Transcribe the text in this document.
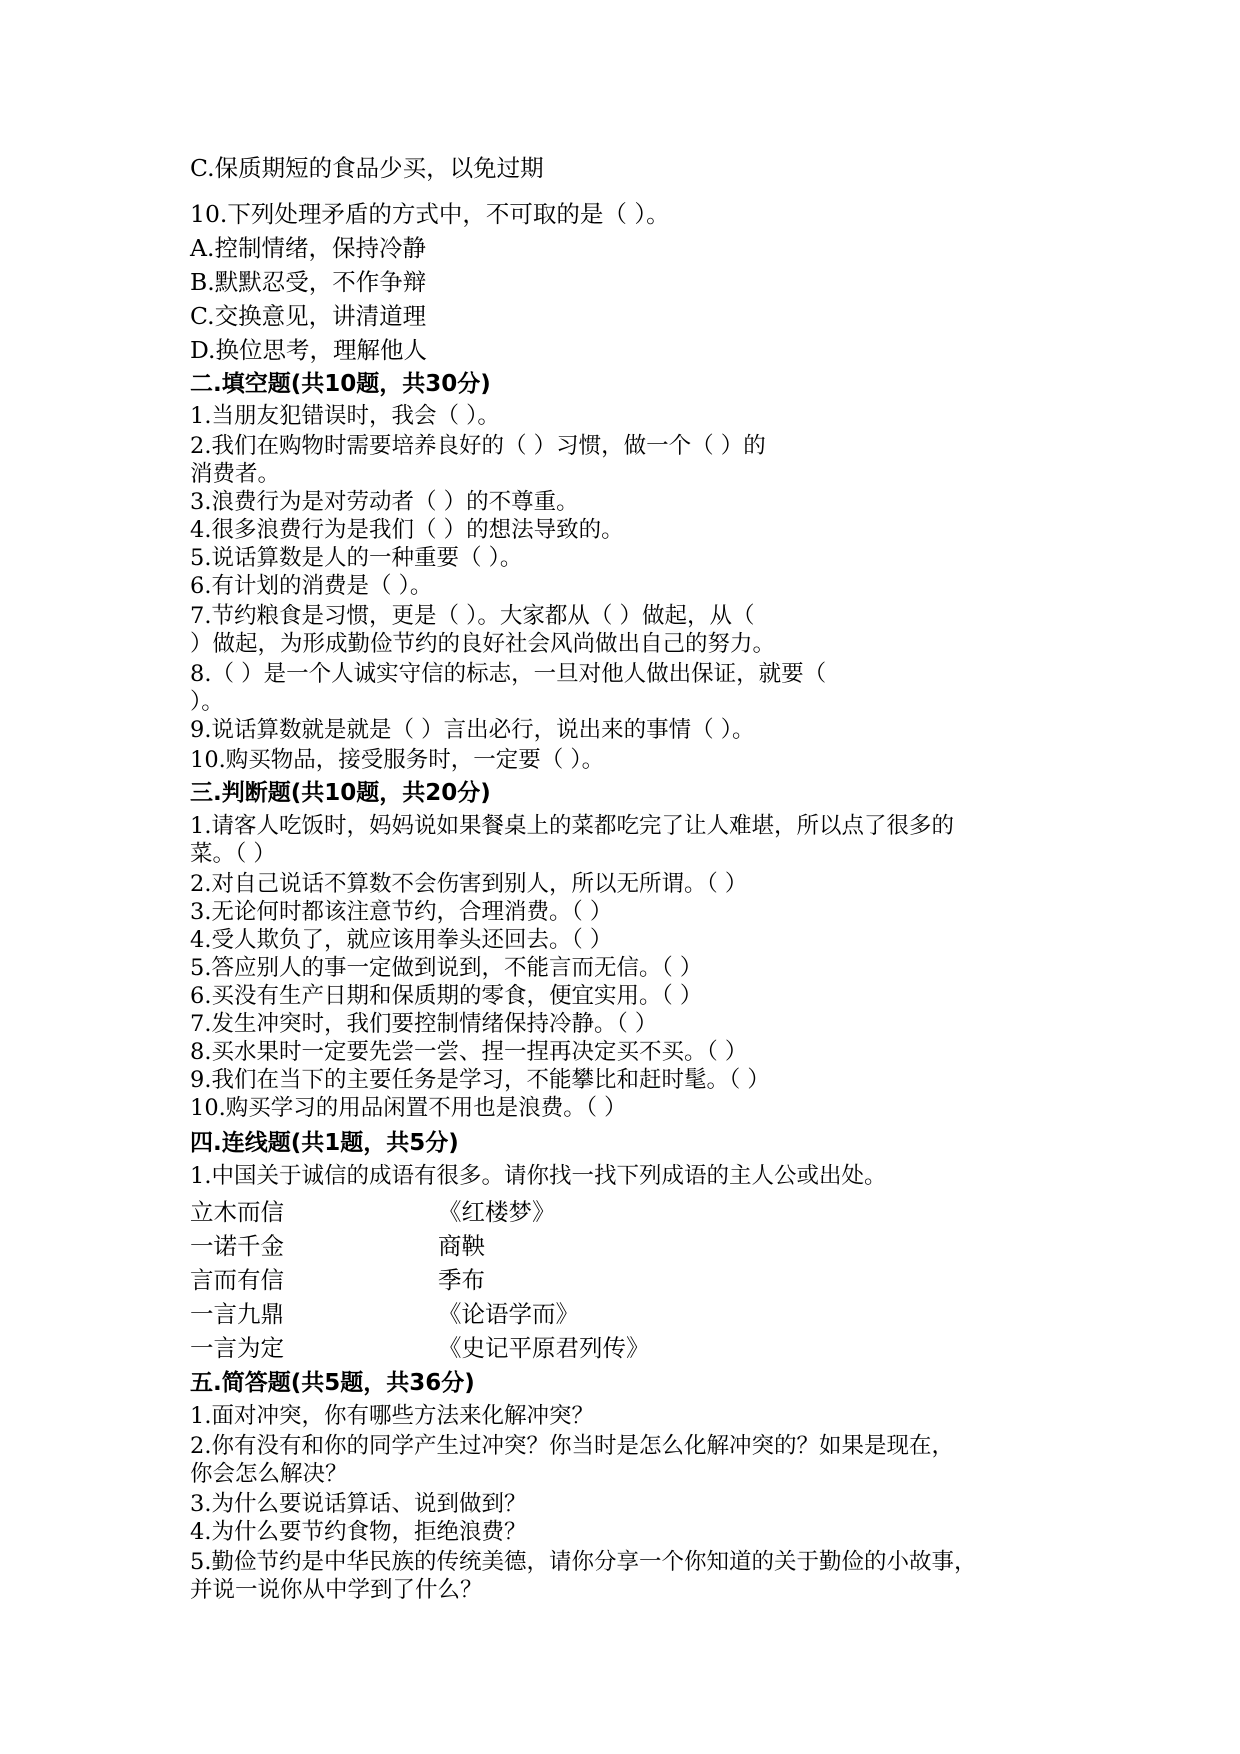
C.保质期短的食品少买，以免过期
10.下列处理矛盾的方式中，不可取的是（ ）。
A.控制情绪，保持冷静
B.默默忍受，不作争辩
C.交换意见，讲清道理
D.换位思考，理解他人
二.填空题(共10题，共30分)
1.当朋友犯错误时，我会（ ）。
2.我们在购物时需要培养良好的（ ）习惯，做一个（ ）的
消费者。
3.浪费行为是对劳动者（ ）的不尊重。
4.很多浪费行为是我们（ ）的想法导致的。
5.说话算数是人的一种重要（ ）。
6.有计划的消费是（ ）。
7.节约粮食是习惯，更是（ ）。大家都从（ ）做起，从（
）做起，为形成勤俭节约的良好社会风尚做出自己的努力。
8.（ ）是一个人诚实守信的标志，一旦对他人做出保证，就要（
）。
9.说话算数就是就是（ ）言出必行，说出来的事情（ ）。
10.购买物品，接受服务时，一定要（ ）。
三.判断题(共10题，共20分)
1.请客人吃饭时，妈妈说如果餐桌上的菜都吃完了让人难堪，所以点了很多的
菜。（ ）
2.对自己说话不算数不会伤害到别人，所以无所谓。（ ）
3.无论何时都该注意节约，合理消费。（ ）
4.受人欺负了，就应该用拳头还回去。（ ）
5.答应别人的事一定做到说到，不能言而无信。（ ）
6.买没有生产日期和保质期的零食，便宜实用。（ ）
7.发生冲突时，我们要控制情绪保持冷静。（ ）
8.买水果时一定要先尝一尝、捏一捏再决定买不买。（ ）
9.我们在当下的主要任务是学习，不能攀比和赶时髦。（ ）
10.购买学习的用品闲置不用也是浪费。（ ）
四.连线题(共1题，共5分)
1.中国关于诚信的成语有很多。请你找一找下列成语的主人公或出处。
立木而信	《红楼梦》
一诺千金	商鞅
言而有信	季布
一言九鼎	《论语学而》
一言为定	《史记平原君列传》
五.简答题(共5题，共36分)
1.面对冲突，你有哪些方法来化解冲突？
2.你有没有和你的同学产生过冲突？你当时是怎么化解冲突的？如果是现在，
你会怎么解决？
3.为什么要说话算话、说到做到？
4.为什么要节约食物，拒绝浪费？
5.勤俭节约是中华民族的传统美德，请你分享一个你知道的关于勤俭的小故事，
并说一说你从中学到了什么？
